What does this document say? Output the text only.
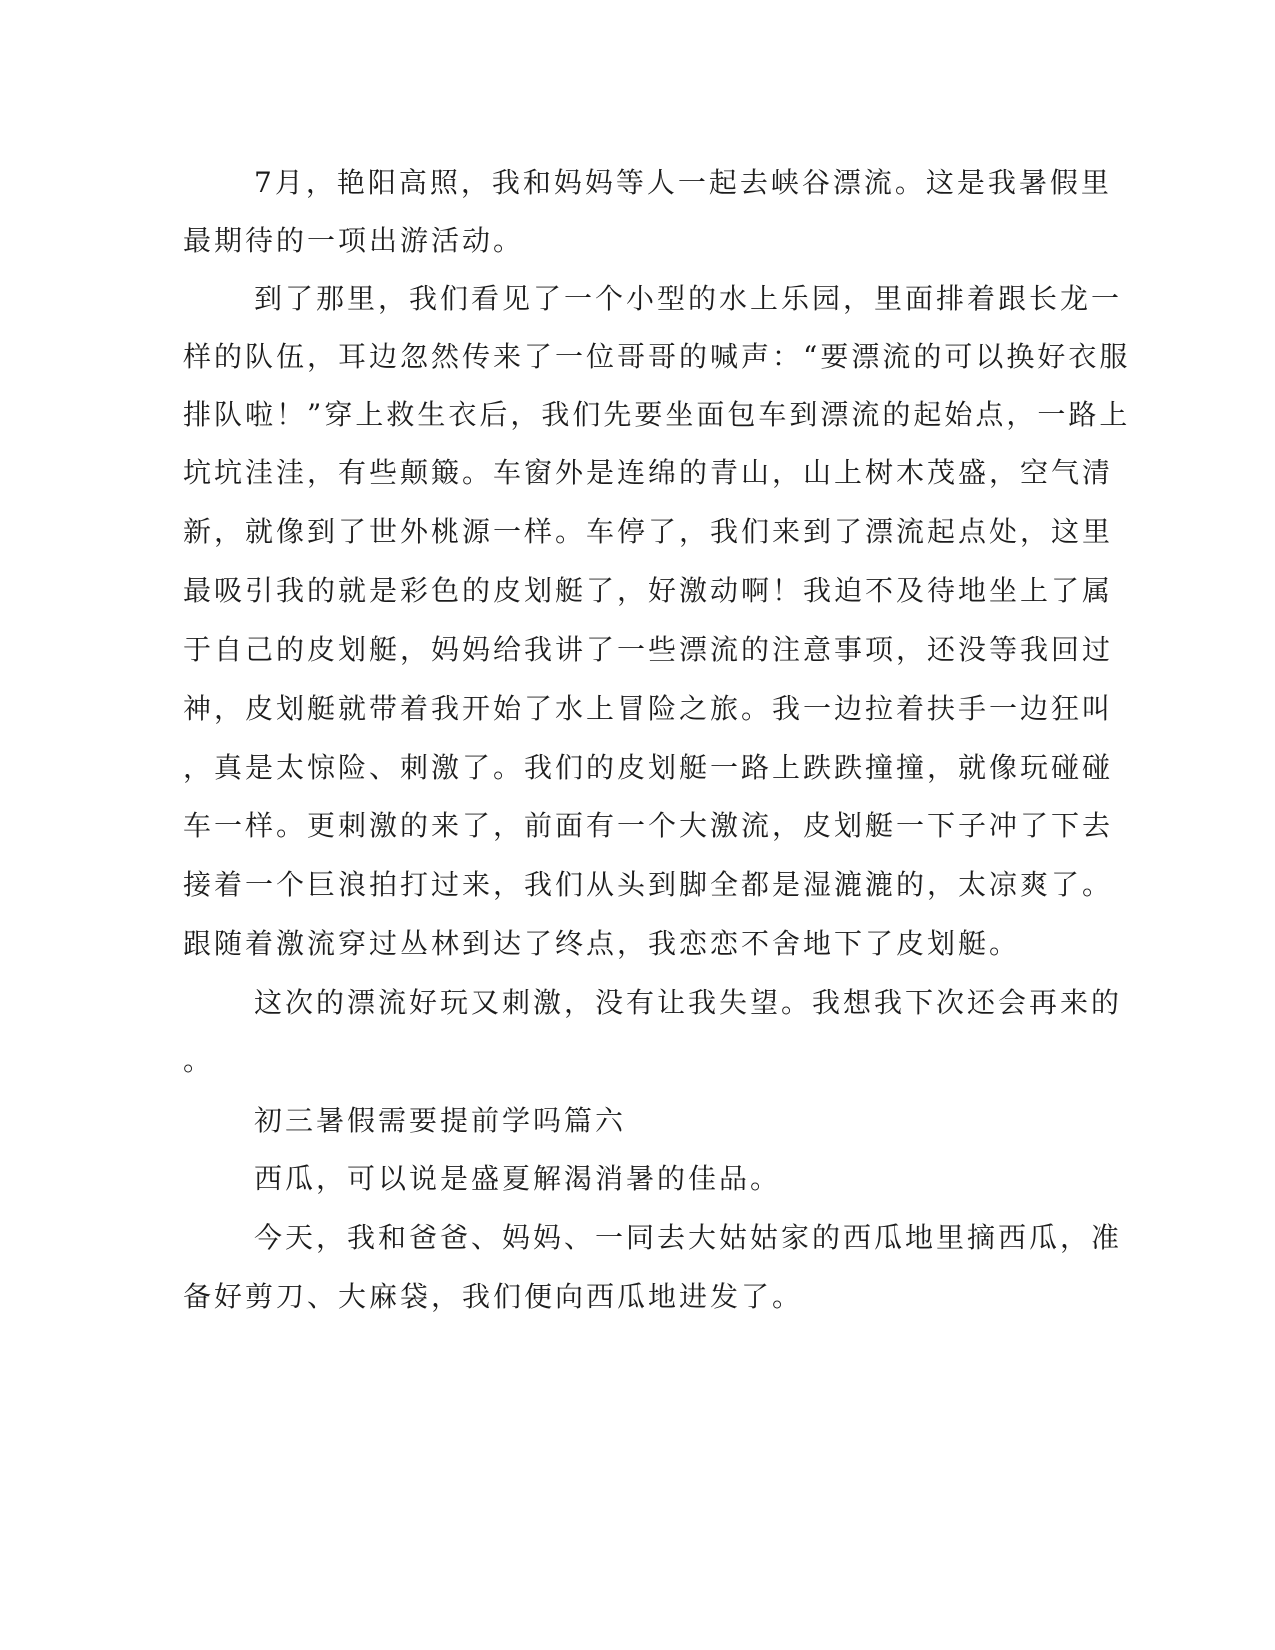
7月，艳阳高照，我和妈妈等人一起去峡谷漂流。这是我暑假里
最期待的一项出游活动。
到了那里，我们看见了一个小型的水上乐园，里面排着跟长龙一
样的队伍，耳边忽然传来了一位哥哥的喊声：“要漂流的可以换好衣服
排队啦！”穿上救生衣后，我们先要坐面包车到漂流的起始点，一路上
坑坑洼洼，有些颠簸。车窗外是连绵的青山，山上树木茂盛，空气清
新，就像到了世外桃源一样。车停了，我们来到了漂流起点处，这里
最吸引我的就是彩色的皮划艇了，好激动啊！我迫不及待地坐上了属
于自己的皮划艇，妈妈给我讲了一些漂流的注意事项，还没等我回过
神，皮划艇就带着我开始了水上冒险之旅。我一边拉着扶手一边狂叫
，真是太惊险、刺激了。我们的皮划艇一路上跌跌撞撞，就像玩碰碰
车一样。更刺激的来了，前面有一个大激流，皮划艇一下子冲了下去
接着一个巨浪拍打过来，我们从头到脚全都是湿漉漉的，太凉爽了。
跟随着激流穿过丛林到达了终点，我恋恋不舍地下了皮划艇。
这次的漂流好玩又刺激，没有让我失望。我想我下次还会再来的
。
初三暑假需要提前学吗篇六
西瓜，可以说是盛夏解渴消暑的佳品。
今天，我和爸爸、妈妈、一同去大姑姑家的西瓜地里摘西瓜，准
备好剪刀、大麻袋，我们便向西瓜地进发了。
